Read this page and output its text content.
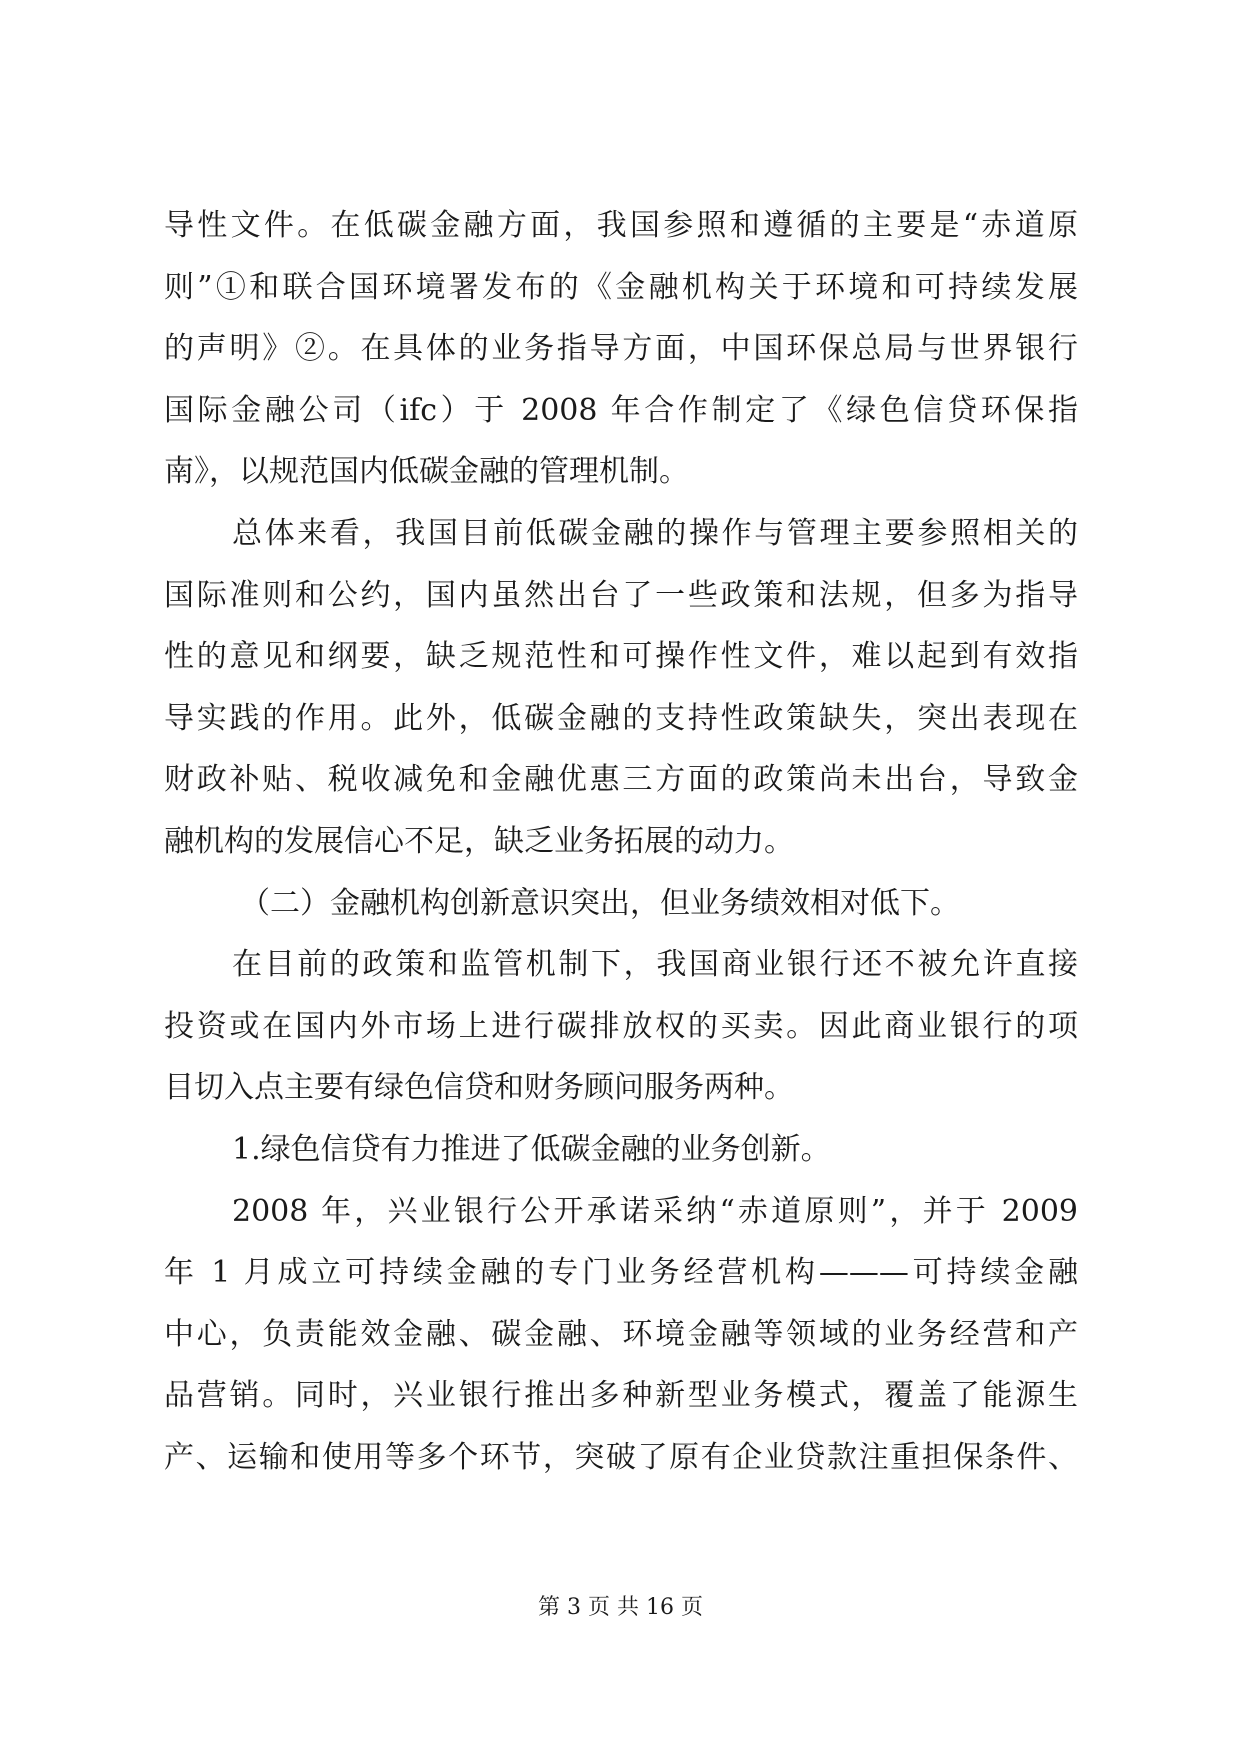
导性文件。在低碳金融方面，我国参照和遵循的主要是“赤道原
则”①和联合国环境署发布的《金融机构关于环境和可持续发展
的声明》②。在具体的业务指导方面，中国环保总局与世界银行
国际金融公司（ifc）于 2008 年合作制定了《绿色信贷环保指
南》，以规范国内低碳金融的管理机制。
总体来看，我国目前低碳金融的操作与管理主要参照相关的
国际准则和公约，国内虽然出台了一些政策和法规，但多为指导
性的意见和纲要，缺乏规范性和可操作性文件，难以起到有效指
导实践的作用。此外，低碳金融的支持性政策缺失，突出表现在
财政补贴、税收减免和金融优惠三方面的政策尚未出台，导致金
融机构的发展信心不足，缺乏业务拓展的动力。
（二）金融机构创新意识突出，但业务绩效相对低下。
在目前的政策和监管机制下，我国商业银行还不被允许直接
投资或在国内外市场上进行碳排放权的买卖。因此商业银行的项
目切入点主要有绿色信贷和财务顾问服务两种。
1.绿色信贷有力推进了低碳金融的业务创新。
2008 年，兴业银行公开承诺采纳“赤道原则”，并于 2009
年 1 月成立可持续金融的专门业务经营机构———可持续金融
中心，负责能效金融、碳金融、环境金融等领域的业务经营和产
品营销。同时，兴业银行推出多种新型业务模式，覆盖了能源生
产、运输和使用等多个环节，突破了原有企业贷款注重担保条件、
第 3 页 共 16 页
